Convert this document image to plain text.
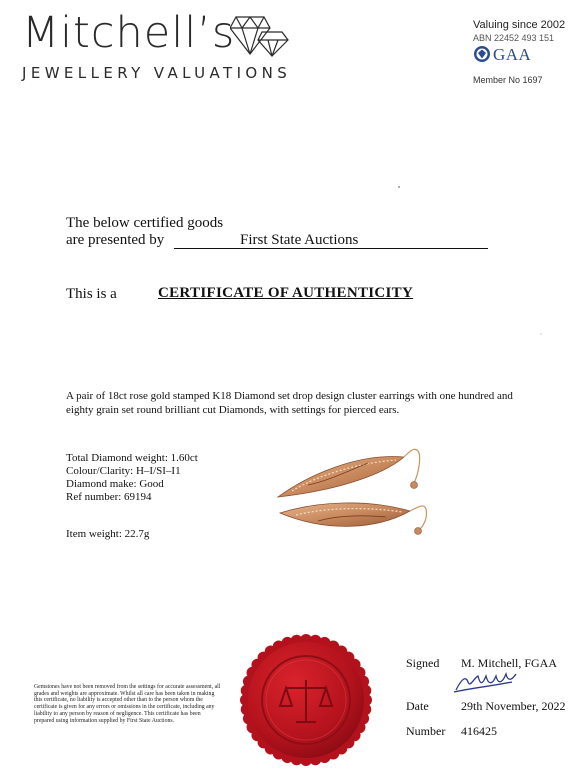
Mitchell’s
JEWELLERY VALUATIONS
Valuing since 2002
ABN 22452 493 151
GAA
Member No 1697
The below certified goods
are presented by	First State Auctions
This is a	CERTIFICATE OF AUTHENTICITY
A pair of 18ct rose gold stamped K18 Diamond set drop design cluster earrings with one hundred and eighty grain set round brilliant cut Diamonds, with settings for pierced ears.
Total Diamond weight: 1.60ct
Colour/Clarity: H–I/SI–I1
Diamond make: Good
Ref number: 69194
Item weight: 22.7g
Gemstones have not been removed from the settings for accurate assessment, all grades and weights are approximate. Whilst all care has been taken in making this certificate, no liability is accepted other than to the person whom the certificate is given for any errors or omissions in the certificate, including any liability to any person by reason of negligence. This certificate has been prepared using information supplied by First State Auctions.
Signed M. Mitchell, FGAA
Date	29th November, 2022
Number 416425
